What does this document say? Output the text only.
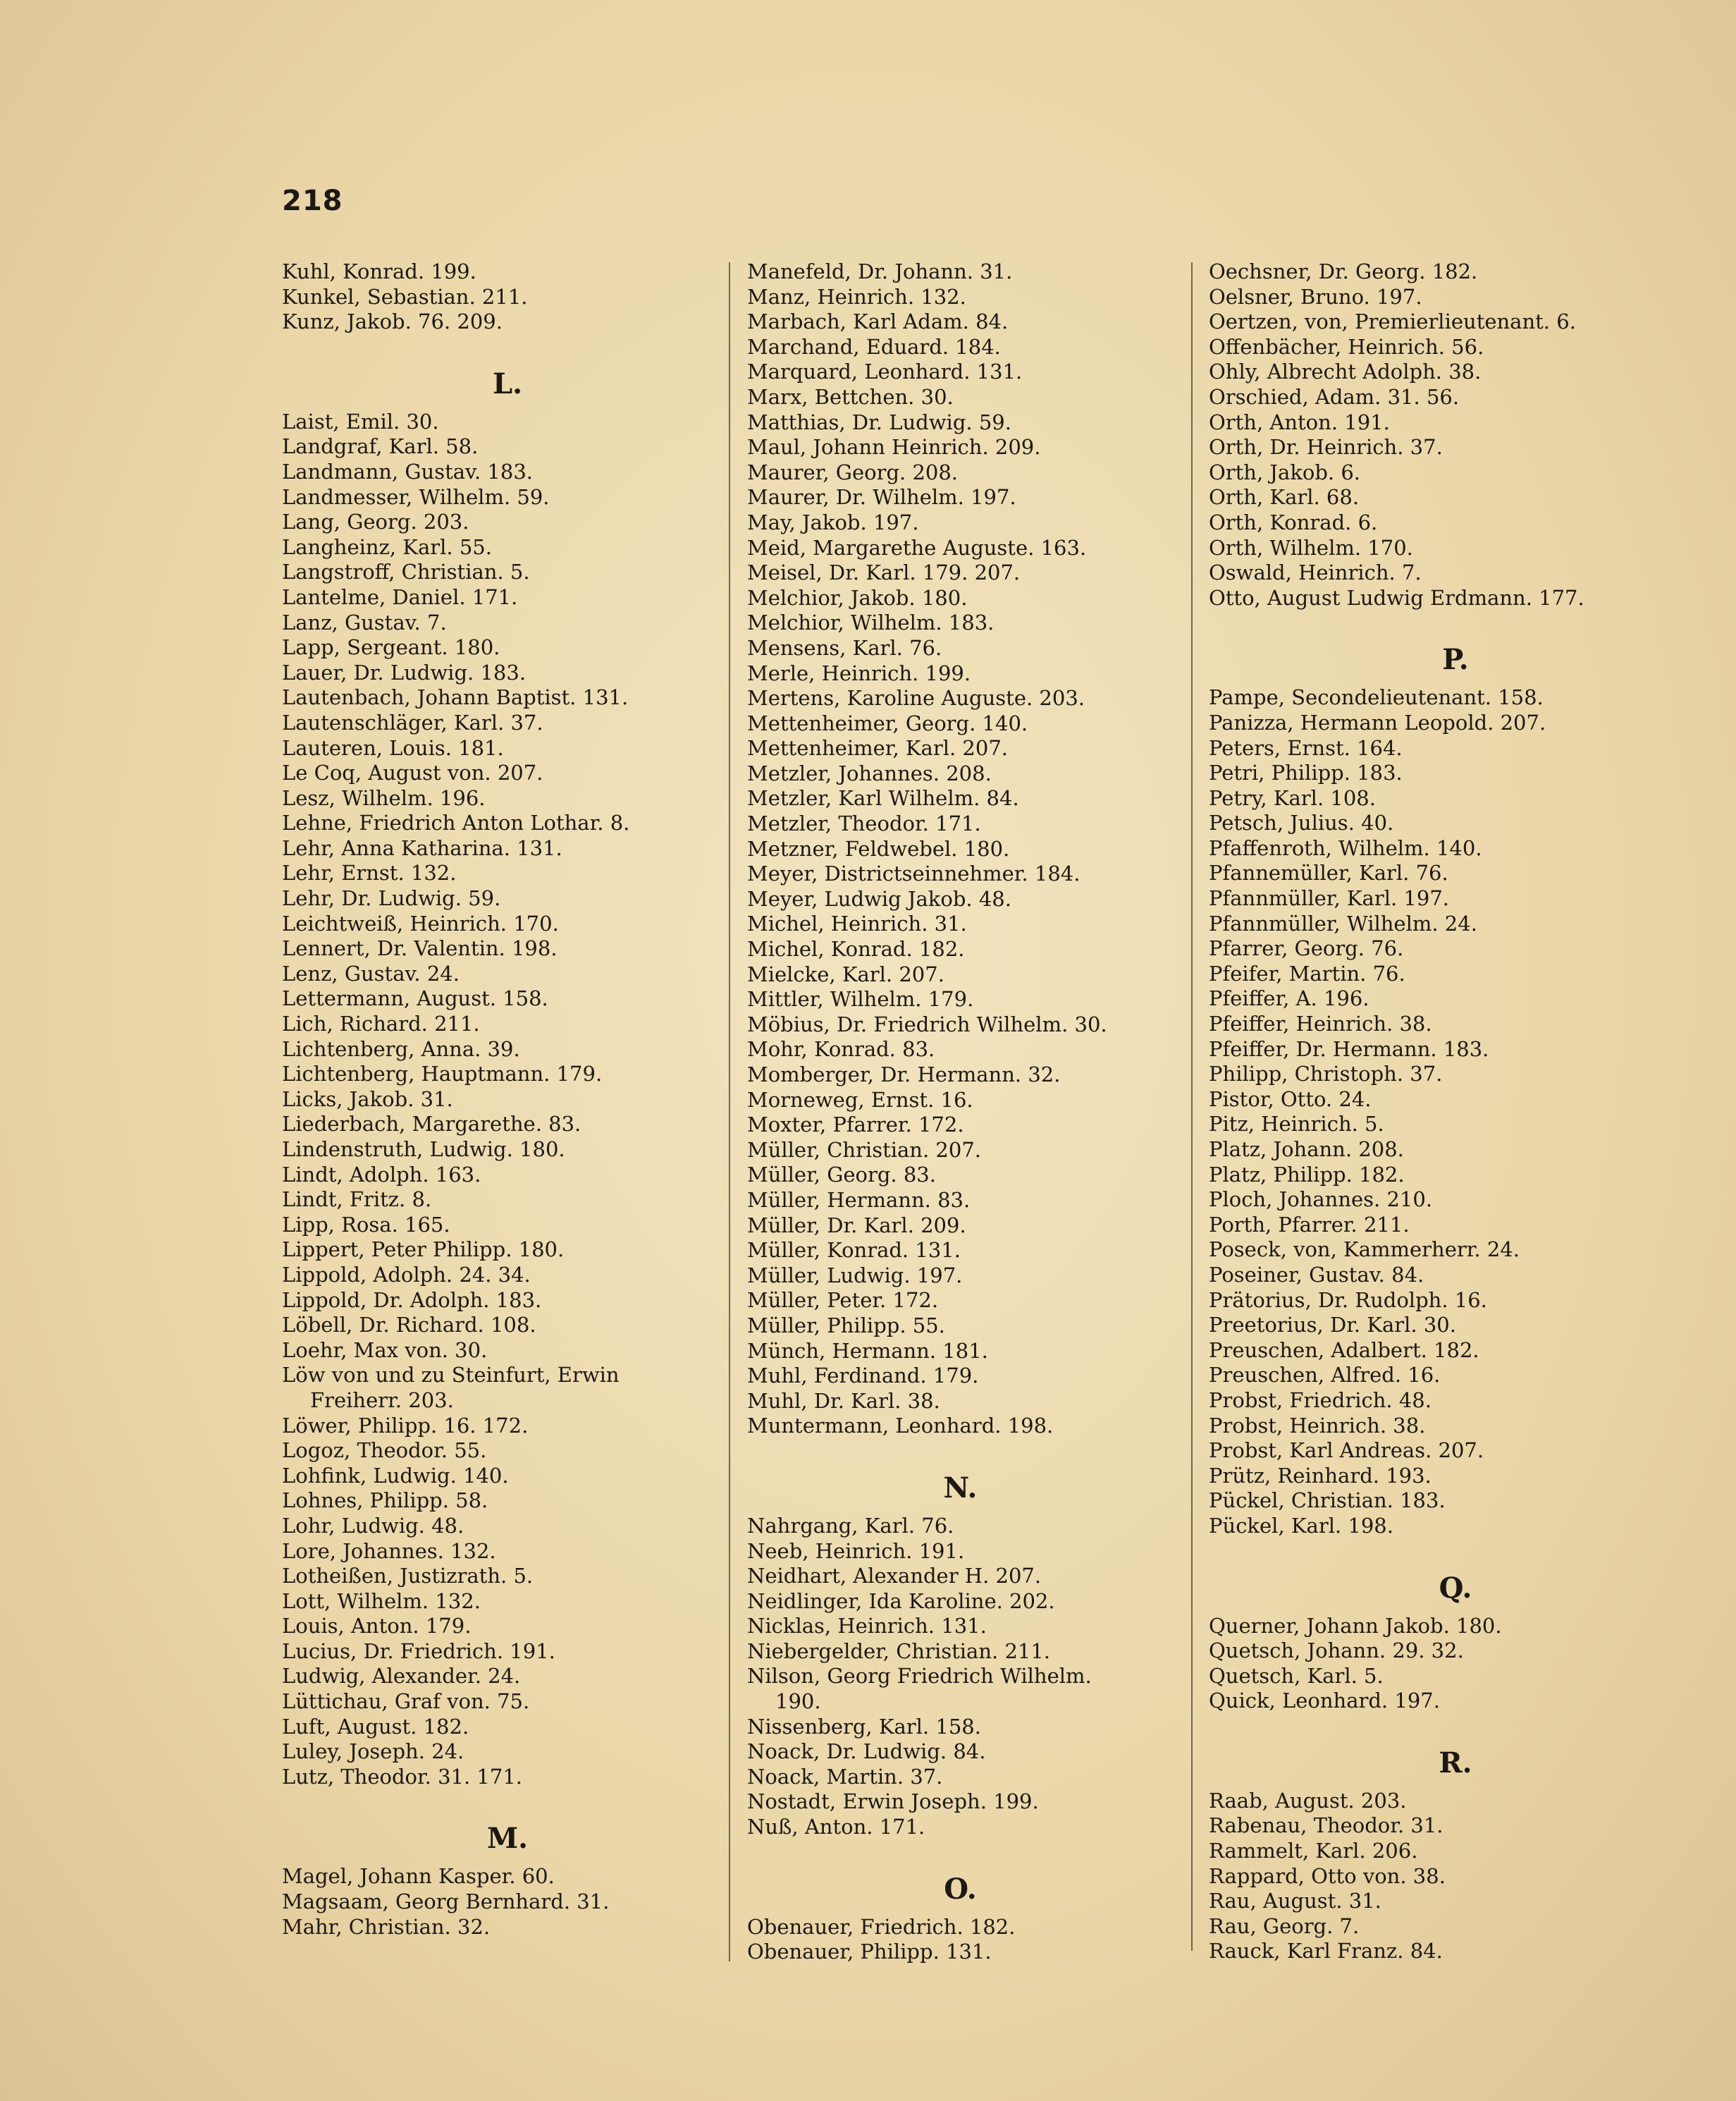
218
Kuhl, Konrad. 199.
Kunkel, Sebastian. 211.
Kunz, Jakob. 76. 209.
L.
Laist, Emil. 30.
Landgraf, Karl. 58.
Landmann, Gustav. 183.
Landmesser, Wilhelm. 59.
Lang, Georg. 203.
Langheinz, Karl. 55.
Langstroff, Christian. 5.
Lantelme, Daniel. 171.
Lanz, Gustav. 7.
Lapp, Sergeant. 180.
Lauer, Dr. Ludwig. 183.
Lautenbach, Johann Baptist. 131.
Lautenschläger, Karl. 37.
Lauteren, Louis. 181.
Le Coq, August von. 207.
Lesz, Wilhelm. 196.
Lehne, Friedrich Anton Lothar. 8.
Lehr, Anna Katharina. 131.
Lehr, Ernst. 132.
Lehr, Dr. Ludwig. 59.
Leichtweiß, Heinrich. 170.
Lennert, Dr. Valentin. 198.
Lenz, Gustav. 24.
Lettermann, August. 158.
Lich, Richard. 211.
Lichtenberg, Anna. 39.
Lichtenberg, Hauptmann. 179.
Licks, Jakob. 31.
Liederbach, Margarethe. 83.
Lindenstruth, Ludwig. 180.
Lindt, Adolph. 163.
Lindt, Fritz. 8.
Lipp, Rosa. 165.
Lippert, Peter Philipp. 180.
Lippold, Adolph. 24. 34.
Lippold, Dr. Adolph. 183.
Löbell, Dr. Richard. 108.
Loehr, Max von. 30.
Löw von und zu Steinfurt, Erwin
Freiherr. 203.
Löwer, Philipp. 16. 172.
Logoz, Theodor. 55.
Lohfink, Ludwig. 140.
Lohnes, Philipp. 58.
Lohr, Ludwig. 48.
Lore, Johannes. 132.
Lotheißen, Justizrath. 5.
Lott, Wilhelm. 132.
Louis, Anton. 179.
Lucius, Dr. Friedrich. 191.
Ludwig, Alexander. 24.
Lüttichau, Graf von. 75.
Luft, August. 182.
Luley, Joseph. 24.
Lutz, Theodor. 31. 171.
M.
Magel, Johann Kasper. 60.
Magsaam, Georg Bernhard. 31.
Mahr, Christian. 32.
Manefeld, Dr. Johann. 31.
Manz, Heinrich. 132.
Marbach, Karl Adam. 84.
Marchand, Eduard. 184.
Marquard, Leonhard. 131.
Marx, Bettchen. 30.
Matthias, Dr. Ludwig. 59.
Maul, Johann Heinrich. 209.
Maurer, Georg. 208.
Maurer, Dr. Wilhelm. 197.
May, Jakob. 197.
Meid, Margarethe Auguste. 163.
Meisel, Dr. Karl. 179. 207.
Melchior, Jakob. 180.
Melchior, Wilhelm. 183.
Mensens, Karl. 76.
Merle, Heinrich. 199.
Mertens, Karoline Auguste. 203.
Mettenheimer, Georg. 140.
Mettenheimer, Karl. 207.
Metzler, Johannes. 208.
Metzler, Karl Wilhelm. 84.
Metzler, Theodor. 171.
Metzner, Feldwebel. 180.
Meyer, Districtseinnehmer. 184.
Meyer, Ludwig Jakob. 48.
Michel, Heinrich. 31.
Michel, Konrad. 182.
Mielcke, Karl. 207.
Mittler, Wilhelm. 179.
Möbius, Dr. Friedrich Wilhelm. 30.
Mohr, Konrad. 83.
Momberger, Dr. Hermann. 32.
Morneweg, Ernst. 16.
Moxter, Pfarrer. 172.
Müller, Christian. 207.
Müller, Georg. 83.
Müller, Hermann. 83.
Müller, Dr. Karl. 209.
Müller, Konrad. 131.
Müller, Ludwig. 197.
Müller, Peter. 172.
Müller, Philipp. 55.
Münch, Hermann. 181.
Muhl, Ferdinand. 179.
Muhl, Dr. Karl. 38.
Muntermann, Leonhard. 198.
N.
Nahrgang, Karl. 76.
Neeb, Heinrich. 191.
Neidhart, Alexander H. 207.
Neidlinger, Ida Karoline. 202.
Nicklas, Heinrich. 131.
Niebergelder, Christian. 211.
Nilson, Georg Friedrich Wilhelm.
190.
Nissenberg, Karl. 158.
Noack, Dr. Ludwig. 84.
Noack, Martin. 37.
Nostadt, Erwin Joseph. 199.
Nuß, Anton. 171.
O.
Obenauer, Friedrich. 182.
Obenauer, Philipp. 131.
Oechsner, Dr. Georg. 182.
Oelsner, Bruno. 197.
Oertzen, von, Premierlieutenant. 6.
Offenbächer, Heinrich. 56.
Ohly, Albrecht Adolph. 38.
Orschied, Adam. 31. 56.
Orth, Anton. 191.
Orth, Dr. Heinrich. 37.
Orth, Jakob. 6.
Orth, Karl. 68.
Orth, Konrad. 6.
Orth, Wilhelm. 170.
Oswald, Heinrich. 7.
Otto, August Ludwig Erdmann. 177.
P.
Pampe, Secondelieutenant. 158.
Panizza, Hermann Leopold. 207.
Peters, Ernst. 164.
Petri, Philipp. 183.
Petry, Karl. 108.
Petsch, Julius. 40.
Pfaffenroth, Wilhelm. 140.
Pfannemüller, Karl. 76.
Pfannmüller, Karl. 197.
Pfannmüller, Wilhelm. 24.
Pfarrer, Georg. 76.
Pfeifer, Martin. 76.
Pfeiffer, A. 196.
Pfeiffer, Heinrich. 38.
Pfeiffer, Dr. Hermann. 183.
Philipp, Christoph. 37.
Pistor, Otto. 24.
Pitz, Heinrich. 5.
Platz, Johann. 208.
Platz, Philipp. 182.
Ploch, Johannes. 210.
Porth, Pfarrer. 211.
Poseck, von, Kammerherr. 24.
Poseiner, Gustav. 84.
Prätorius, Dr. Rudolph. 16.
Preetorius, Dr. Karl. 30.
Preuschen, Adalbert. 182.
Preuschen, Alfred. 16.
Probst, Friedrich. 48.
Probst, Heinrich. 38.
Probst, Karl Andreas. 207.
Prütz, Reinhard. 193.
Pückel, Christian. 183.
Pückel, Karl. 198.
Q.
Querner, Johann Jakob. 180.
Quetsch, Johann. 29. 32.
Quetsch, Karl. 5.
Quick, Leonhard. 197.
R.
Raab, August. 203.
Rabenau, Theodor. 31.
Rammelt, Karl. 206.
Rappard, Otto von. 38.
Rau, August. 31.
Rau, Georg. 7.
Rauck, Karl Franz. 84.
